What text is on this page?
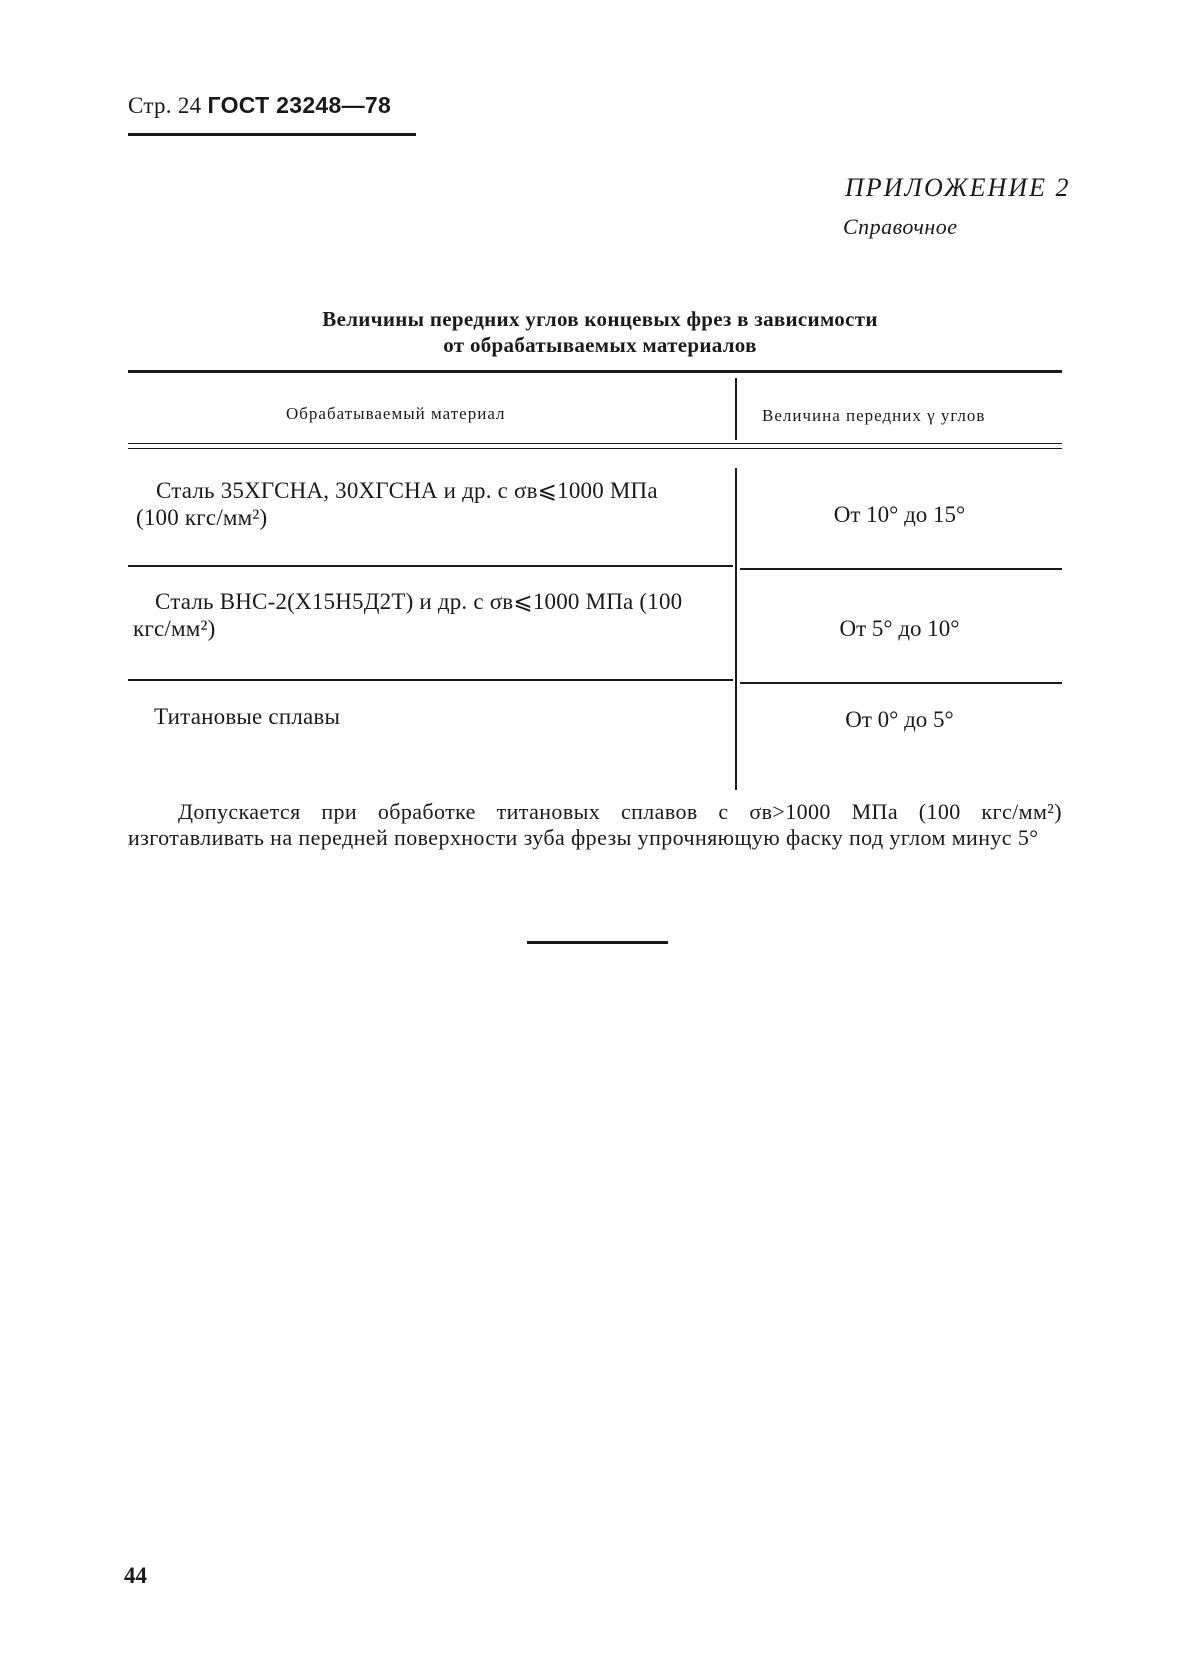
Стр. 24 ГОСТ 23248—78
ПРИЛОЖЕНИЕ 2
Справочное
Величины передних углов концевых фрез в зависимости
от обрабатываемых материалов
Обрабатываемый материал	Величина передних γ углов
Сталь 35ХГСНА, 30ХГСНА и др. с σв⩽1000 МПа (100 кгс/мм²)	От 10° до 15°
Сталь ВНС-2(Х15Н5Д2Т) и др. с σв⩽1000 МПа (100 кгс/мм²)	От 5° до 10°
Титановые сплавы	От 0° до 5°
Допускается при обработке титановых сплавов с σв>1000 МПа (100 кгс/мм²) изготавливать на передней поверхности зуба фрезы упрочняющую фаску под углом минус 5°
44
